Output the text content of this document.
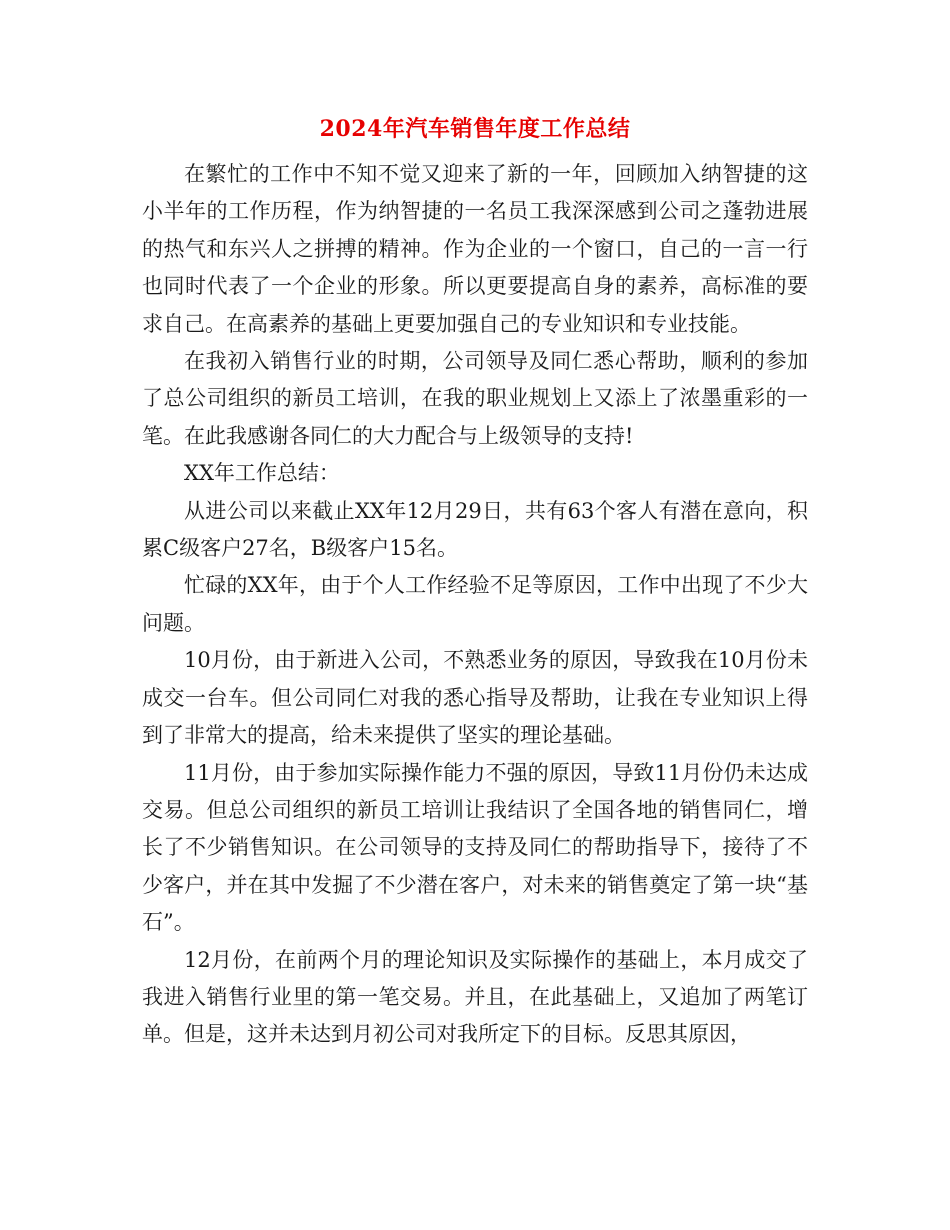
2024年汽车销售年度工作总结

在繁忙的工作中不知不觉又迎来了新的一年，回顾加入纳智捷的这小半年的工作历程，作为纳智捷的一名员工我深深感到公司之蓬勃进展的热气和东兴人之拼搏的精神。作为企业的一个窗口，自己的一言一行也同时代表了一个企业的形象。所以更要提高自身的素养，高标准的要求自己。在高素养的基础上更要加强自己的专业知识和专业技能。

在我初入销售行业的时期，公司领导及同仁悉心帮助，顺利的参加了总公司组织的新员工培训，在我的职业规划上又添上了浓墨重彩的一笔。在此我感谢各同仁的大力配合与上级领导的支持!

XX年工作总结：

从进公司以来截止XX年12月29日，共有63个客人有潜在意向，积累C级客户27名，B级客户15名。

忙碌的XX年，由于个人工作经验不足等原因，工作中出现了不少大问题。

10月份，由于新进入公司，不熟悉业务的原因，导致我在10月份未成交一台车。但公司同仁对我的悉心指导及帮助，让我在专业知识上得到了非常大的提高，给未来提供了坚实的理论基础。

11月份，由于参加实际操作能力不强的原因，导致11月份仍未达成交易。但总公司组织的新员工培训让我结识了全国各地的销售同仁，增长了不少销售知识。在公司领导的支持及同仁的帮助指导下，接待了不少客户，并在其中发掘了不少潜在客户，对未来的销售奠定了第一块“基石”。

12月份，在前两个月的理论知识及实际操作的基础上，本月成交了我进入销售行业里的第一笔交易。并且，在此基础上，又追加了两笔订单。但是，这并未达到月初公司对我所定下的目标。反思其原因，
